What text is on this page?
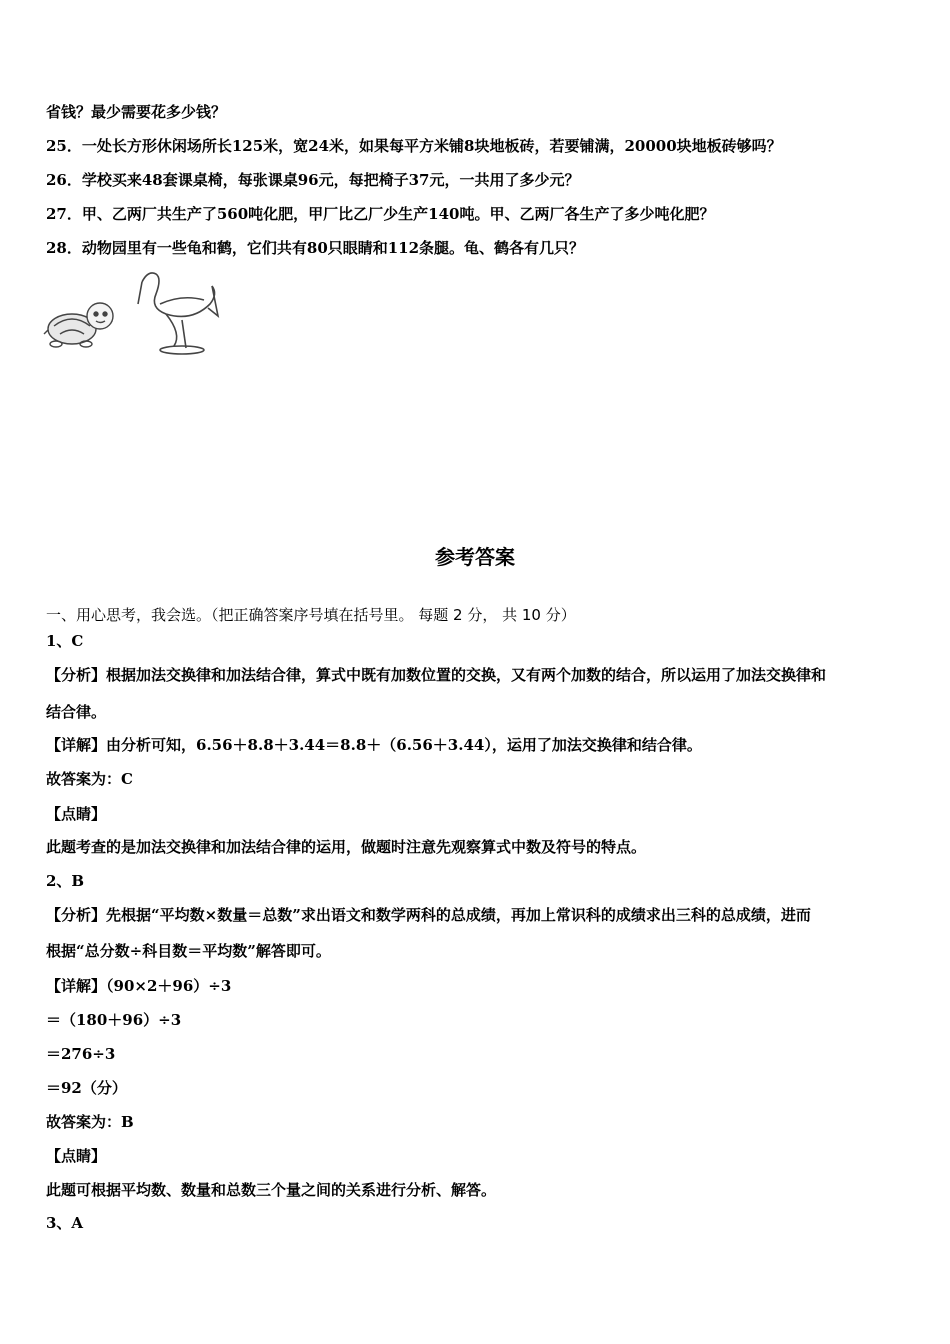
省钱？最少需要花多少钱？
25．一处长方形休闲场所长125米，宽24米，如果每平方米铺8块地板砖，若要铺满，20000块地板砖够吗？
26．学校买来48套课桌椅，每张课桌96元，每把椅子37元，一共用了多少元？
27．甲、乙两厂共生产了560吨化肥，甲厂比乙厂少生产140吨。甲、乙两厂各生产了多少吨化肥？
28．动物园里有一些龟和鹤，它们共有80只眼睛和112条腿。龟、鹤各有几只？
参考答案
一、用心思考，我会选。（把正确答案序号填在括号里。 每题 2 分， 共 10 分）
1、C
【分析】根据加法交换律和加法结合律，算式中既有加数位置的交换，又有两个加数的结合，所以运用了加法交换律和
结合律。
【详解】由分析可知，6.56＋8.8＋3.44＝8.8＋（6.56＋3.44），运用了加法交换律和结合律。
故答案为：C
【点睛】
此题考查的是加法交换律和加法结合律的运用，做题时注意先观察算式中数及符号的特点。
2、B
【分析】先根据“平均数×数量＝总数”求出语文和数学两科的总成绩，再加上常识科的成绩求出三科的总成绩，进而
根据“总分数÷科目数＝平均数”解答即可。
【详解】（90×2＋96）÷3
＝（180＋96）÷3
＝276÷3
＝92（分）
故答案为：B
【点睛】
此题可根据平均数、数量和总数三个量之间的关系进行分析、解答。
3、A
